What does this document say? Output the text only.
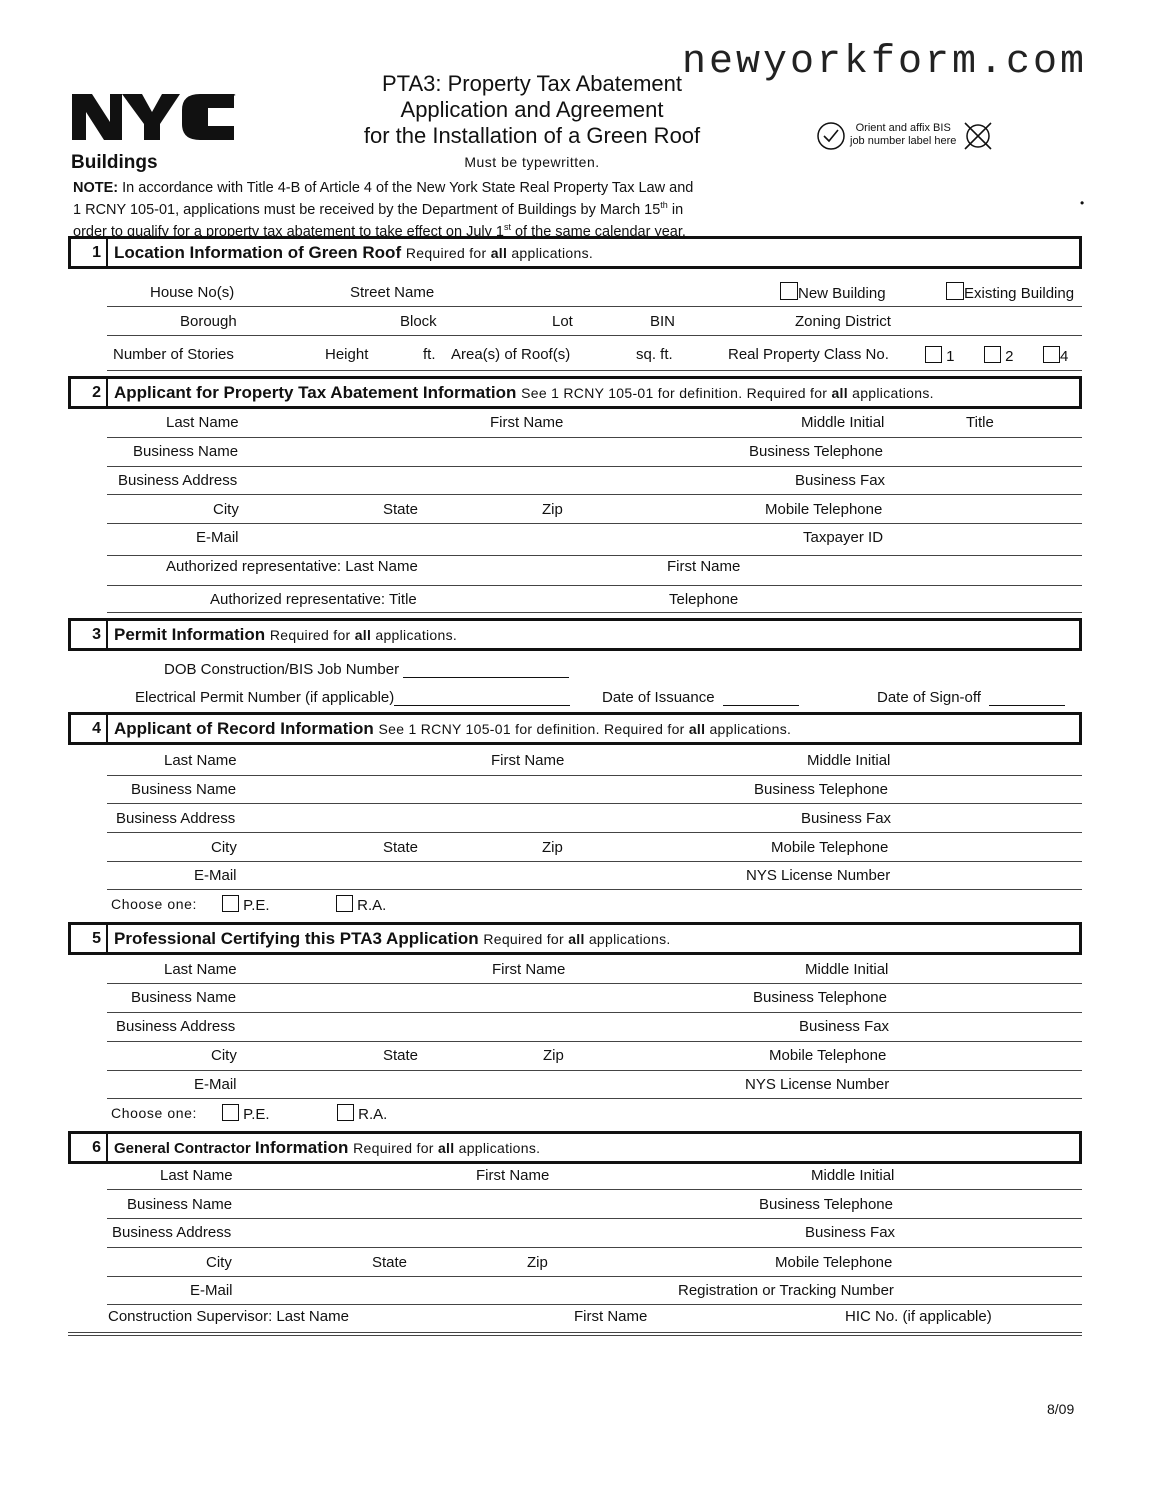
newyorkform.com
™
Buildings
PTA3: Property Tax Abatement
Application and Agreement
for the Installation of a Green Roof
Must be typewritten.
Orient and affix BIS
job number label here
NOTE: In accordance with Title 4-B of Article 4 of the New York State Real Property Tax Law and
1 RCNY 105-01, applications must be received by the Department of Buildings by March 15th in
order to qualify for a property tax abatement to take effect on July 1st of the same calendar year.
•
1 Location Information of Green Roof Required for all applications.
House No(s)	Street Name	New Building	Existing Building
Borough	Block	Lot	BIN	Zoning District
Number of Stories	Height	ft. Area(s) of Roof(s)	sq. ft.	Real Property Class No.	1	2	4
2 Applicant for Property Tax Abatement Information See 1 RCNY 105-01 for definition. Required for all applications.
Last Name	First Name	Middle Initial	Title
Business Name	Business Telephone
Business Address	Business Fax
City	State	Zip	Mobile Telephone
E-Mail	Taxpayer ID
Authorized representative: Last Name	First Name
Authorized representative: Title	Telephone
3 Permit Information Required for all applications.
DOB Construction/BIS Job Number
Electrical Permit Number (if applicable)	Date of Issuance	Date of Sign-off
4 Applicant of Record Information See 1 RCNY 105-01 for definition. Required for all applications.
Last Name	First Name	Middle Initial
Business Name	Business Telephone
Business Address	Business Fax
City	State	Zip	Mobile Telephone
E-Mail	NYS License Number
Choose one:	P.E.	R.A.
5 Professional Certifying this PTA3 Application Required for all applications.
Last Name	First Name	Middle Initial
Business Name	Business Telephone
Business Address	Business Fax
City	State	Zip	Mobile Telephone
E-Mail	NYS License Number
Choose one:	P.E.	R.A.
6 General Contractor Information Required for all applications.
Last Name	First Name	Middle Initial
Business Name	Business Telephone
Business Address	Business Fax
City	State	Zip	Mobile Telephone
E-Mail	Registration or Tracking Number
Construction Supervisor: Last Name	First Name	HIC No. (if applicable)
8/09
